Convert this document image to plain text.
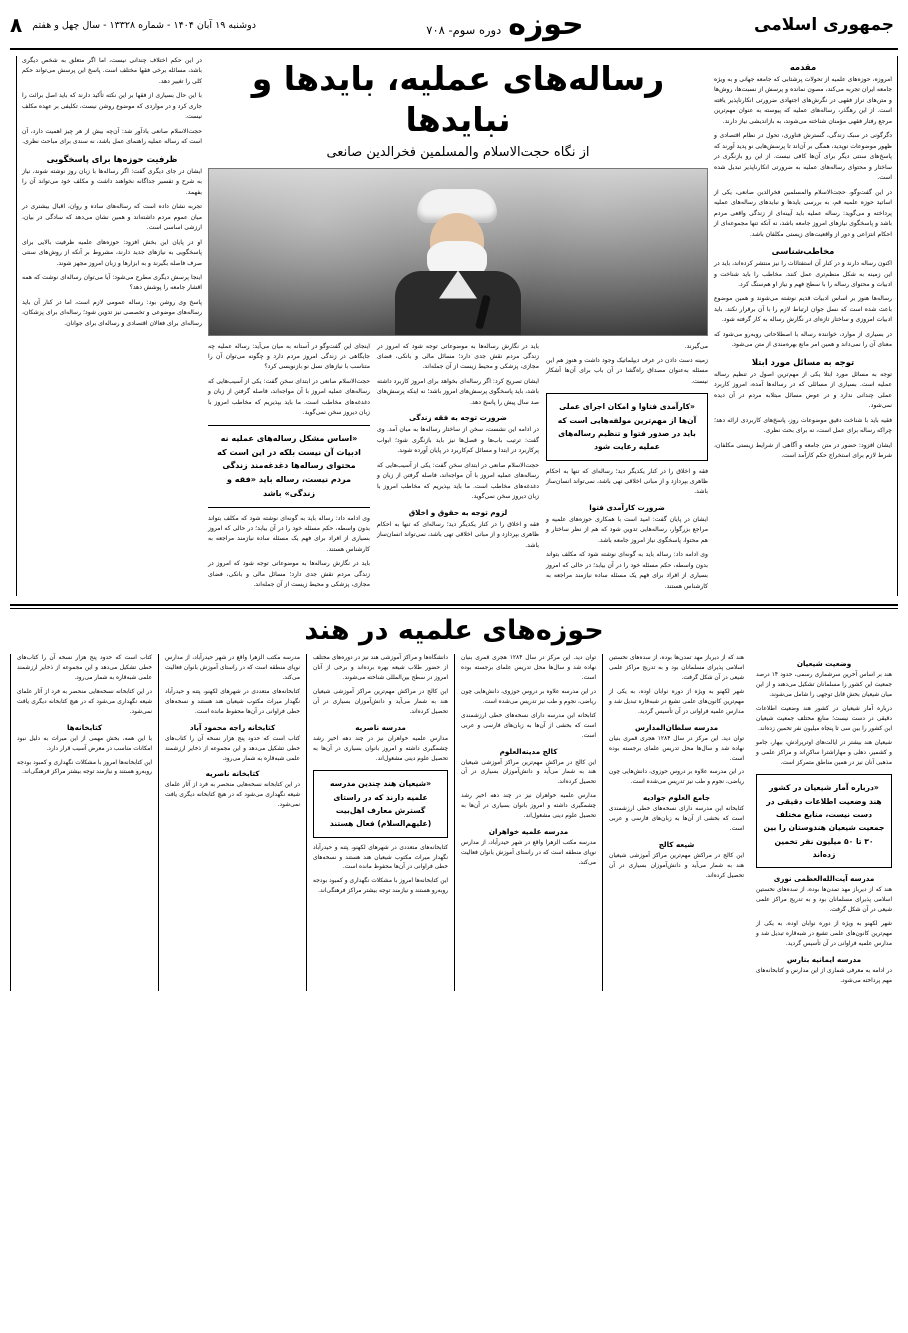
جمهوری اسلامی
حوزه
دوره سوم- ۷۰۸
دوشنبه ۱۹ آبان ۱۴۰۴ - شماره ۱۳۳۲۸ - سال چهل و هفتم
۸
مقدمه

امروزه، حوزه‌های علمیه از تحولات پرشتابی که جامعه جهانی و به ویژه جامعه ایران تجربه می‌کند، مصون نمانده و پرسش از نسبت‌ها، روش‌ها و متن‌های تراز فقهی در نگرش‌های اجتهادی ضرورتی انکارناپذیر یافته است. از این رهگذر، رساله‌های عملیه که پیوسته به عنوان مهم‌ترین مرجع رفتار فقهی مؤمنان شناخته می‌شوند، به بازاندیشی نیاز دارند.

دگرگونی در سبک زندگی، گسترش فناوری، تحول در نظام اقتصادی و ظهور موضوعات نوپدید، همگی بر آن‌اند تا پرسش‌هایی نو پدید آورند که پاسخ‌های سنتی دیگر برای آن‌ها کافی نیست. از این رو بازنگری در ساختار و محتوای رساله‌های عملیه به ضرورتی انکارناپذیر تبدیل شده است.

در این گفت‌وگو، حجت‌الاسلام والمسلمین فخرالدین صانعی، یکی از اساتید حوزه علمیه قم، به بررسی بایدها و نبایدهای رساله‌های عملیه پرداخته و می‌گوید: رساله عملیه باید آیینه‌ای از زندگی واقعی مردم باشد و پاسخگوی نیازهای امروز جامعه باشد، نه آنکه تنها مجموعه‌ای از احکام انتزاعی و دور از واقعیت‌های زیستی مکلفان باشد.

مخاطب‌شناسی

اکنون رساله دارند و در کنار آن استفتائات را نیز منتشر کرده‌اند، باید در این زمینه به شکل منظم‌تری عمل کنند. مخاطب را باید شناخت و ادبیات و محتوای رساله را با سطح فهم و نیاز او هم‌سنگ کرد.

رساله‌ها هنوز بر اساس ادبیات قدیم نوشته می‌شوند و همین موضوع باعث شده است که نسل جوان ارتباط لازم را با آن برقرار نکند. باید ادبیات امروزی و ساختار تازه‌ای در نگارش رساله به کار گرفته شود.

در بسیاری از موارد، خواننده رساله با اصطلاحاتی روبه‌رو می‌شود که معنای آن را نمی‌داند و همین امر مانع بهره‌مندی از متن می‌شود.

توجه به مسائل مورد ابتلا

توجه به مسائل مورد ابتلا یکی از مهم‌ترین اصول در تنظیم رساله عملیه است. بسیاری از مسائلی که در رساله‌ها آمده، امروز کاربرد عملی چندانی ندارد و در عوض مسائل مبتلابه مردم در آن دیده نمی‌شود.

فقیه باید با شناخت دقیق موضوعات روز، پاسخ‌های کاربردی ارائه دهد؛ چراکه رساله برای عمل است، نه برای بحث نظری.

ایشان افزود: حضور در متن جامعه و آگاهی از شرایط زیستی مکلفان، شرط لازم برای استخراج حکم کارآمد است.

رساله‌های عملیه، بایدها و نبایدها
از نگاه حجت‌الاسلام والمسلمین فخرالدین صانعی

می‌گیرند.

زمینه دست دادن در عرف دیپلماتیک وجود داشت و هنوز هم این مسئله به‌عنوان مصداق راه‌گشا در آن باب برای آن‌ها آشکار نیست.

«کارآمدی فتاوا و امکان اجرای عملی آن‌ها از مهم‌ترین مولفه‌هایی است که باید در صدور فتوا و تنظیم رساله‌های عملیه رعایت شود

فقه و اخلاق را در کنار یکدیگر دید؛ رساله‌ای که تنها به احکام ظاهری بپردازد و از مبانی اخلاقی تهی باشد، نمی‌تواند انسان‌ساز باشد.

ضرورت کارآمدی فتوا

ایشان در پایان گفت: امید است با همکاری حوزه‌های علمیه و مراجع بزرگوار، رساله‌هایی تدوین شود که هم از نظر ساختار و هم محتوا، پاسخگوی نیاز امروز جامعه باشد.

وی ادامه داد: رساله باید به گونه‌ای نوشته شود که مکلف بتواند بدون واسطه، حکم مسئله خود را در آن بیابد؛ در حالی که امروز بسیاری از افراد برای فهم یک مسئله ساده نیازمند مراجعه به کارشناس هستند.

باید در نگارش رساله‌ها به موضوعاتی توجه شود که امروز در زندگی مردم نقش جدی دارد؛ مسائل مالی و بانکی، فضای مجازی، پزشکی و محیط زیست از آن جمله‌اند.

ایشان تصریح کرد: اگر رساله‌ای بخواهد برای امروز کاربرد داشته باشد، باید پاسخگوی پرسش‌های امروز باشد؛ نه اینکه پرسش‌های صد سال پیش را پاسخ دهد.

ضرورت توجه به فقه زندگی

در ادامه این نشست، سخن از ساختار رساله‌ها به میان آمد. وی گفت: ترتیب باب‌ها و فصل‌ها نیز باید بازنگری شود؛ ابواب پرکاربرد در ابتدا و مسائل کم‌کاربرد در پایان آورده شوند.

حجت‌الاسلام صانعی در ابتدای سخن گفت: یکی از آسیب‌هایی که رساله‌های عملیه امروز با آن مواجه‌اند، فاصله گرفتن از زبان و دغدغه‌های مخاطب است. ما باید بپذیریم که مخاطب امروز با زبان دیروز سخن نمی‌گوید.

لزوم توجه به حقوق و اخلاق

فقه و اخلاق را در کنار یکدیگر دید؛ رساله‌ای که تنها به احکام ظاهری بپردازد و از مبانی اخلاقی تهی باشد، نمی‌تواند انسان‌ساز باشد.

اینجای این گفت‌وگو در آستانه به میان می‌آید: رساله عملیه چه جایگاهی در زندگی امروز مردم دارد و چگونه می‌توان آن را متناسب با نیازهای نسل نو بازنویسی کرد؟

حجت‌الاسلام صانعی در ابتدای سخن گفت: یکی از آسیب‌هایی که رساله‌های عملیه امروز با آن مواجه‌اند، فاصله گرفتن از زبان و دغدغه‌های مخاطب است. ما باید بپذیریم که مخاطب امروز با زبان دیروز سخن نمی‌گوید.

«اساس مشکل رساله‌های عملیه نه ادبیات آن نیست بلکه در این است که محتوای رساله‌ها دغدغه‌مند زندگی مردم نیست، رساله باید «فقه و زندگی» باشد

وی ادامه داد: رساله باید به گونه‌ای نوشته شود که مکلف بتواند بدون واسطه، حکم مسئله خود را در آن بیابد؛ در حالی که امروز بسیاری از افراد برای فهم یک مسئله ساده نیازمند مراجعه به کارشناس هستند.

باید در نگارش رساله‌ها به موضوعاتی توجه شود که امروز در زندگی مردم نقش جدی دارد؛ مسائل مالی و بانکی، فضای مجازی، پزشکی و محیط زیست از آن جمله‌اند.

در این حکم اختلاف چندانی نیست، اما اگر متعلق به شخص دیگری باشد، مسائله برخی فقها مختلف است. پاسخ این پرسش می‌تواند حکم کلی را تغییر دهد.

با این حال بسیاری از فقها بر این نکته تأکید دارند که باید اصل برائت را جاری کرد و در مواردی که موضوع روشن نیست، تکلیفی بر عهده مکلف نیست.

حجت‌الاسلام صانعی یادآور شد: آن‌چه بیش از هر چیز اهمیت دارد، آن است که رساله عملیه راهنمای عمل باشد، نه سندی برای مباحث نظری.

ظرفیت حوزه‌ها برای پاسخگویی

ایشان در جای دیگری گفت: اگر رساله‌ها با زبان روز نوشته شوند، نیاز به شرح و تفسیر جداگانه نخواهند داشت و مکلف خود می‌تواند آن را بفهمد.

تجربه نشان داده است که رساله‌های ساده و روان، اقبال بیشتری در میان عموم مردم داشته‌اند و همین نشان می‌دهد که سادگی در بیان، ارزشی اساسی است.

او در پایان این بخش افزود: حوزه‌های علمیه ظرفیت بالایی برای پاسخگویی به نیازهای جدید دارند، مشروط بر آنکه از روش‌های سنتی صرف فاصله بگیرند و به ابزارها و زبان امروز مجهز شوند.

اینجا پرسش دیگری مطرح می‌شود: آیا می‌توان رساله‌ای نوشت که همه اقشار جامعه را پوشش دهد؟

پاسخ وی روشن بود: رساله عمومی لازم است، اما در کنار آن باید رساله‌های موضوعی و تخصصی نیز تدوین شود؛ رساله‌ای برای پزشکان، رساله‌ای برای فعالان اقتصادی و رساله‌ای برای جوانان.

حوزه‌های علمیه در هند
وضعیت شیعیان

هند بر اساس آخرین سرشماری رسمی، حدود ۱۴ درصد جمعیت این کشور را مسلمانان تشکیل می‌دهند و از این میان شیعیان بخش قابل توجهی را شامل می‌شوند.

درباره آمار شیعیان در کشور هند وضعیت اطلاعات دقیقی در دست نیست؛ منابع مختلف جمعیت شیعیان این کشور را بین سی تا پنجاه میلیون نفر تخمین زده‌اند.

شیعیان هند بیشتر در ایالت‌های اوترپرادش، بیهار، جامو و کشمیر، دهلی و مهاراشترا ساکن‌اند و مراکز علمی و مذهبی آنان نیز در همین مناطق متمرکز است.

«درباره آمار شیعیان در کشور هند وضعیت اطلاعات دقیقی در دست نیست، منابع مختلف جمعیت شیعیان هندوستان را بین ۳۰ تا ۵۰ میلیون نفر تخمین زده‌اند
مدرسه آیت‌الله‌العظمی نوری

هند که از دیرباز مهد تمدن‌ها بوده، از سده‌های نخستین اسلامی پذیرای مسلمانان بود و به تدریج مراکز علمی شیعی در آن شکل گرفت.

شهر لکهنو به ویژه از دوره نوابان اوده، به یکی از مهم‌ترین کانون‌های علمی تشیع در شبه‌قاره تبدیل شد و مدارس علمیه فراوانی در آن تأسیس گردید.

مدرسه ایمانیه بنارس

در ادامه به معرفی شماری از این مدارس و کتابخانه‌های مهم پرداخته می‌شود.

هند که از دیرباز مهد تمدن‌ها بوده، از سده‌های نخستین اسلامی پذیرای مسلمانان بود و به تدریج مراکز علمی شیعی در آن شکل گرفت.

شهر لکهنو به ویژه از دوره نوابان اوده، به یکی از مهم‌ترین کانون‌های علمی تشیع در شبه‌قاره تبدیل شد و مدارس علمیه فراوانی در آن تأسیس گردید.

مدرسه سلطان‌المدارس

توان دید. این مرکز در سال ۱۲۸۴ هجری قمری بنیان نهاده شد و سال‌ها محل تدریس علمای برجسته بوده است.

در این مدرسه علاوه بر دروس حوزوی، دانش‌هایی چون ریاضی، نجوم و طب نیز تدریس می‌شده است.

جامع العلوم جوادیه

کتابخانه این مدرسه دارای نسخه‌های خطی ارزشمندی است که بخشی از آن‌ها به زبان‌های فارسی و عربی است.

شیعه کالج

این کالج در مراکش مهم‌ترین مراکز آموزشی شیعیان هند به شمار می‌آید و دانش‌آموزان بسیاری در آن تحصیل کرده‌اند.

توان دید. این مرکز در سال ۱۲۸۴ هجری قمری بنیان نهاده شد و سال‌ها محل تدریس علمای برجسته بوده است.

در این مدرسه علاوه بر دروس حوزوی، دانش‌هایی چون ریاضی، نجوم و طب نیز تدریس می‌شده است.

کتابخانه این مدرسه دارای نسخه‌های خطی ارزشمندی است که بخشی از آن‌ها به زبان‌های فارسی و عربی است.

کالج مدینه‌العلوم

این کالج در مراکش مهم‌ترین مراکز آموزشی شیعیان هند به شمار می‌آید و دانش‌آموزان بسیاری در آن تحصیل کرده‌اند.

مدارس علمیه خواهران نیز در چند دهه اخیر رشد چشمگیری داشته و امروز بانوان بسیاری در آن‌ها به تحصیل علوم دینی مشغول‌اند.

مدرسه علمیه خواهران

مدرسه مکتب الزهرا واقع در شهر حیدرآباد، از مدارس نوپای منطقه است که در راستای آموزش بانوان فعالیت می‌کند.

دانشگاه‌ها و مراکز آموزشی هند نیز در دوره‌های مختلف از حضور طلاب شیعه بهره برده‌اند و برخی از آنان امروز در سطح بین‌المللی شناخته می‌شوند.

این کالج در مراکش مهم‌ترین مراکز آموزشی شیعیان هند به شمار می‌آید و دانش‌آموزان بسیاری در آن تحصیل کرده‌اند.

مدرسه ناصریه

مدارس علمیه خواهران نیز در چند دهه اخیر رشد چشمگیری داشته و امروز بانوان بسیاری در آن‌ها به تحصیل علوم دینی مشغول‌اند.

«شیعیان هند چندین مدرسه علمیه دارند که در راستای گسترش معارف اهل‌بیت (علیهم‌السلام) فعال هستند

کتابخانه‌های متعددی در شهرهای لکهنو، پتنه و حیدرآباد نگهدار میراث مکتوب شیعیان هند هستند و نسخه‌های خطی فراوانی در آن‌ها محفوظ مانده است.

این کتابخانه‌ها امروز با مشکلات نگهداری و کمبود بودجه روبه‌رو هستند و نیازمند توجه بیشتر مراکز فرهنگی‌اند.

مدرسه مکتب الزهرا واقع در شهر حیدرآباد، از مدارس نوپای منطقه است که در راستای آموزش بانوان فعالیت می‌کند.

کتابخانه‌های متعددی در شهرهای لکهنو، پتنه و حیدرآباد نگهدار میراث مکتوب شیعیان هند هستند و نسخه‌های خطی فراوانی در آن‌ها محفوظ مانده است.

کتابخانه راجه محمود آباد

کتاب است که حدود پنج هزار نسخه آن را کتاب‌های خطی تشکیل می‌دهد و این مجموعه از ذخایر ارزشمند علمی شبه‌قاره به شمار می‌رود.

کتابخانه ناصریه

در این کتابخانه نسخه‌هایی منحصر به فرد از آثار علمای شیعه نگهداری می‌شود که در هیچ کتابخانه دیگری یافت نمی‌شود.

کتاب است که حدود پنج هزار نسخه آن را کتاب‌های خطی تشکیل می‌دهد و این مجموعه از ذخایر ارزشمند علمی شبه‌قاره به شمار می‌رود.

در این کتابخانه نسخه‌هایی منحصر به فرد از آثار علمای شیعه نگهداری می‌شود که در هیچ کتابخانه دیگری یافت نمی‌شود.

کتابخانه‌ها

با این همه، بخش مهمی از این میراث به دلیل نبود امکانات مناسب در معرض آسیب قرار دارد.

این کتابخانه‌ها امروز با مشکلات نگهداری و کمبود بودجه روبه‌رو هستند و نیازمند توجه بیشتر مراکز فرهنگی‌اند.
